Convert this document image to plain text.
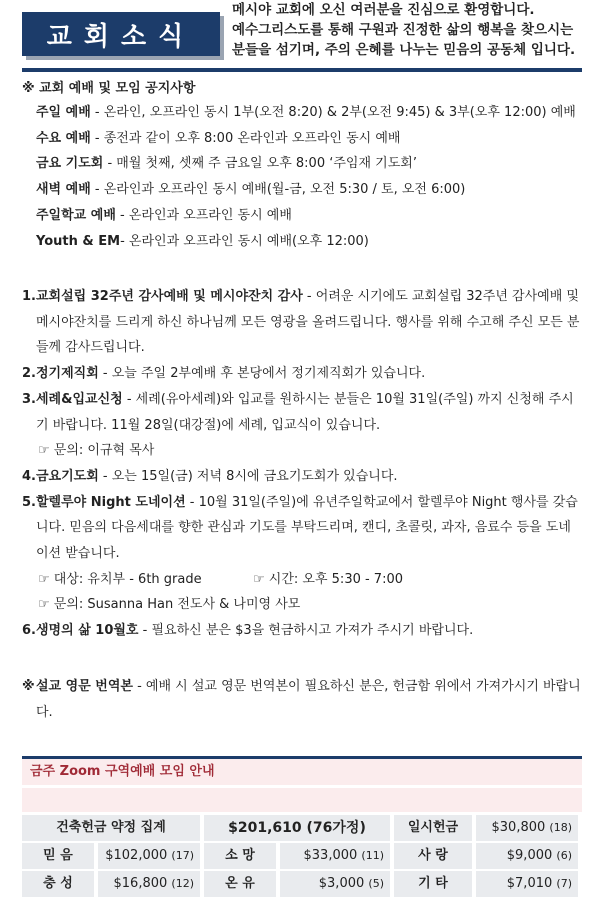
교회소식
메시야 교회에 오신 여러분을 진심으로 환영합니다.
예수그리스도를 통해 구원과 진정한 삶의 행복을 찾으시는
분들을 섬기며, 주의 은혜를 나누는 믿음의 공동체 입니다.
※ 교회 예배 및 모임 공지사항
주일 예배 - 온라인, 오프라인 동시 1부(오전 8:20) & 2부(오전 9:45) & 3부(오후 12:00) 예배
수요 예배 - 종전과 같이 오후 8:00 온라인과 오프라인 동시 예배
금요 기도회 - 매월 첫째, 셋째 주 금요일 오후 8:00 ‘주임재 기도회’
새벽 예배 - 온라인과 오프라인 동시 예배(월-금, 오전 5:30 / 토, 오전 6:00)
주일학교 예배 - 온라인과 오프라인 동시 예배
Youth & EM- 온라인과 오프라인 동시 예배(오후 12:00)
1. 교회설립 32주년 감사예배 및 메시야잔치 감사 - 어려운 시기에도 교회설립 32주년 감사예배 및 메시야잔치를 드리게 하신 하나님께 모든 영광을 올려드립니다. 행사를 위해 수고해 주신 모든 분들께 감사드립니다.
2. 정기제직회 - 오늘 주일 2부예배 후 본당에서 정기제직회가 있습니다.
3. 세례&입교신청 - 세례(유아세례)와 입교를 원하시는 분들은 10월 31일(주일) 까지 신청해 주시기 바랍니다. 11월 28일(대강절)에 세례, 입교식이 있습니다.
☞ 문의: 이규혁 목사
4. 금요기도회 - 오는 15일(금) 저녁 8시에 금요기도회가 있습니다.
5. 할렐루야 Night 도네이션 - 10월 31일(주일)에 유년주일학교에서 할렐루야 Night 행사를 갖습니다. 믿음의 다음세대를 향한 관심과 기도를 부탁드리며, 캔디, 초콜릿, 과자, 음료수 등을 도네이션 받습니다.
☞ 대상: 유치부 - 6th grade	☞ 시간: 오후 5:30 - 7:00
☞ 문의: Susanna Han 전도사 & 나미영 사모
6. 생명의 삶 10월호 - 필요하신 분은 $3을 현금하시고 가져가 주시기 바랍니다.
※ 설교 영문 번역본 - 예배 시 설교 영문 번역본이 필요하신 분은, 헌금함 위에서 가져가시기 바랍니다.
금주 Zoom 구역예배 모임 안내
건축헌금 약정 집계	$201,610 (76가정)	일시헌금	$30,800 (18)
믿 음	$102,000 (17)	소 망	$33,000 (11)	사 랑	$9,000 (6)
충 성	$16,800 (12)	온 유	$3,000 (5)	기 타	$7,010 (7)
